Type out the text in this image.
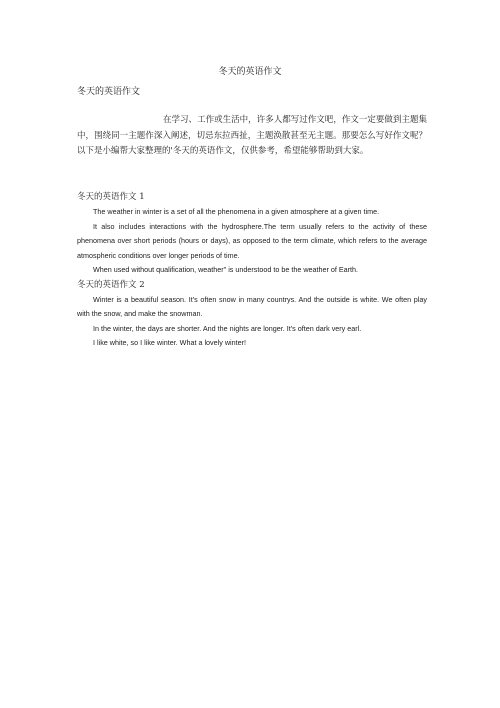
冬天的英语作文
冬天的英语作文
在学习、工作或生活中，许多人都写过作文吧，作文一定要做到主题集中，围绕同一主题作深入阐述，切忌东拉西扯，主题涣散甚至无主题。那要怎么写好作文呢？以下是小编帮大家整理的'冬天的英语作文，仅供参考，希望能够帮助到大家。

冬天的英语作文 1

The weather in winter is a set of all the phenomena in a given atmosphere at a given time.

It also includes interactions with the hydrosphere.The term usually refers to the activity of these phenomena over short periods (hours or days), as opposed to the term climate, which refers to the average atmospheric conditions over longer periods of time.

When used without qualification, weather" is understood to be the weather of Earth.

冬天的英语作文 2

Winter is a beautiful season. It's often snow in many countrys. And the outside is white. We often play with the snow, and make the snowman.

In the winter, the days are shorter. And the nights are longer. It's often dark very earl.

I like white, so I like winter. What a lovely winter!
